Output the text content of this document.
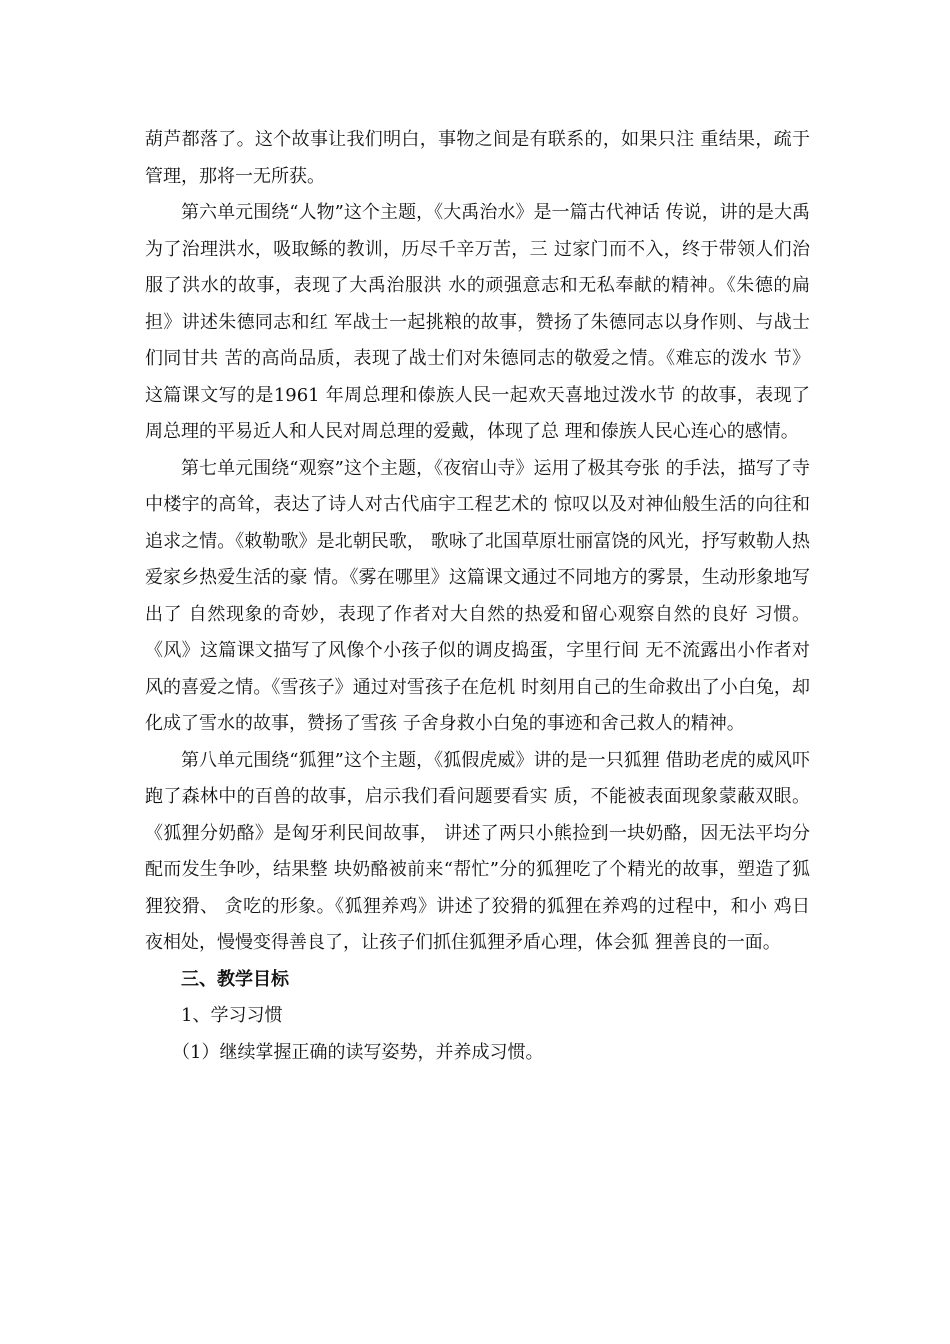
葫芦都落了。这个故事让我们明白，事物之间是有联系的，如果只注 重结果，疏于管理，那将一无所获。

第六单元围绕“人物”这个主题，《大禹治水》是一篇古代神话 传说，讲的是大禹为了治理洪水，吸取鲧的教训，历尽千辛万苦，三 过家门而不入，终于带领人们治服了洪水的故事，表现了大禹治服洪 水的顽强意志和无私奉献的精神。《朱德的扁担》讲述朱德同志和红 军战士一起挑粮的故事，赞扬了朱德同志以身作则、与战士们同甘共 苦的高尚品质，表现了战士们对朱德同志的敬爱之情。《难忘的泼水 节》这篇课文写的是1961 年周总理和傣族人民一起欢天喜地过泼水节 的故事，表现了周总理的平易近人和人民对周总理的爱戴，体现了总 理和傣族人民心连心的感情。

第七单元围绕“观察”这个主题，《夜宿山寺》运用了极其夸张 的手法，描写了寺中楼宇的高耸，表达了诗人对古代庙宇工程艺术的 惊叹以及对神仙般生活的向往和追求之情。《敕勒歌》是北朝民歌， 歌咏了北国草原壮丽富饶的风光，抒写敕勒人热爱家乡热爱生活的豪 情。《雾在哪里》这篇课文通过不同地方的雾景，生动形象地写出了 自然现象的奇妙，表现了作者对大自然的热爱和留心观察自然的良好 习惯。《风》这篇课文描写了风像个小孩子似的调皮捣蛋，字里行间 无不流露出小作者对风的喜爱之情。《雪孩子》通过对雪孩子在危机 时刻用自己的生命救出了小白兔，却化成了雪水的故事，赞扬了雪孩 子舍身救小白兔的事迹和舍己救人的精神。

第八单元围绕“狐狸”这个主题，《狐假虎威》讲的是一只狐狸 借助老虎的威风吓跑了森林中的百兽的故事，启示我们看问题要看实 质，不能被表面现象蒙蔽双眼。《狐狸分奶酪》是匈牙利民间故事， 讲述了两只小熊捡到一块奶酪，因无法平均分配而发生争吵，结果整 块奶酪被前来“帮忙”分的狐狸吃了个精光的故事，塑造了狐狸狡猾、 贪吃的形象。《狐狸养鸡》讲述了狡猾的狐狸在养鸡的过程中，和小 鸡日夜相处，慢慢变得善良了，让孩子们抓住狐狸矛盾心理，体会狐 狸善良的一面。

三、教学目标

1、学习习惯

（1）继续掌握正确的读写姿势，并养成习惯。
